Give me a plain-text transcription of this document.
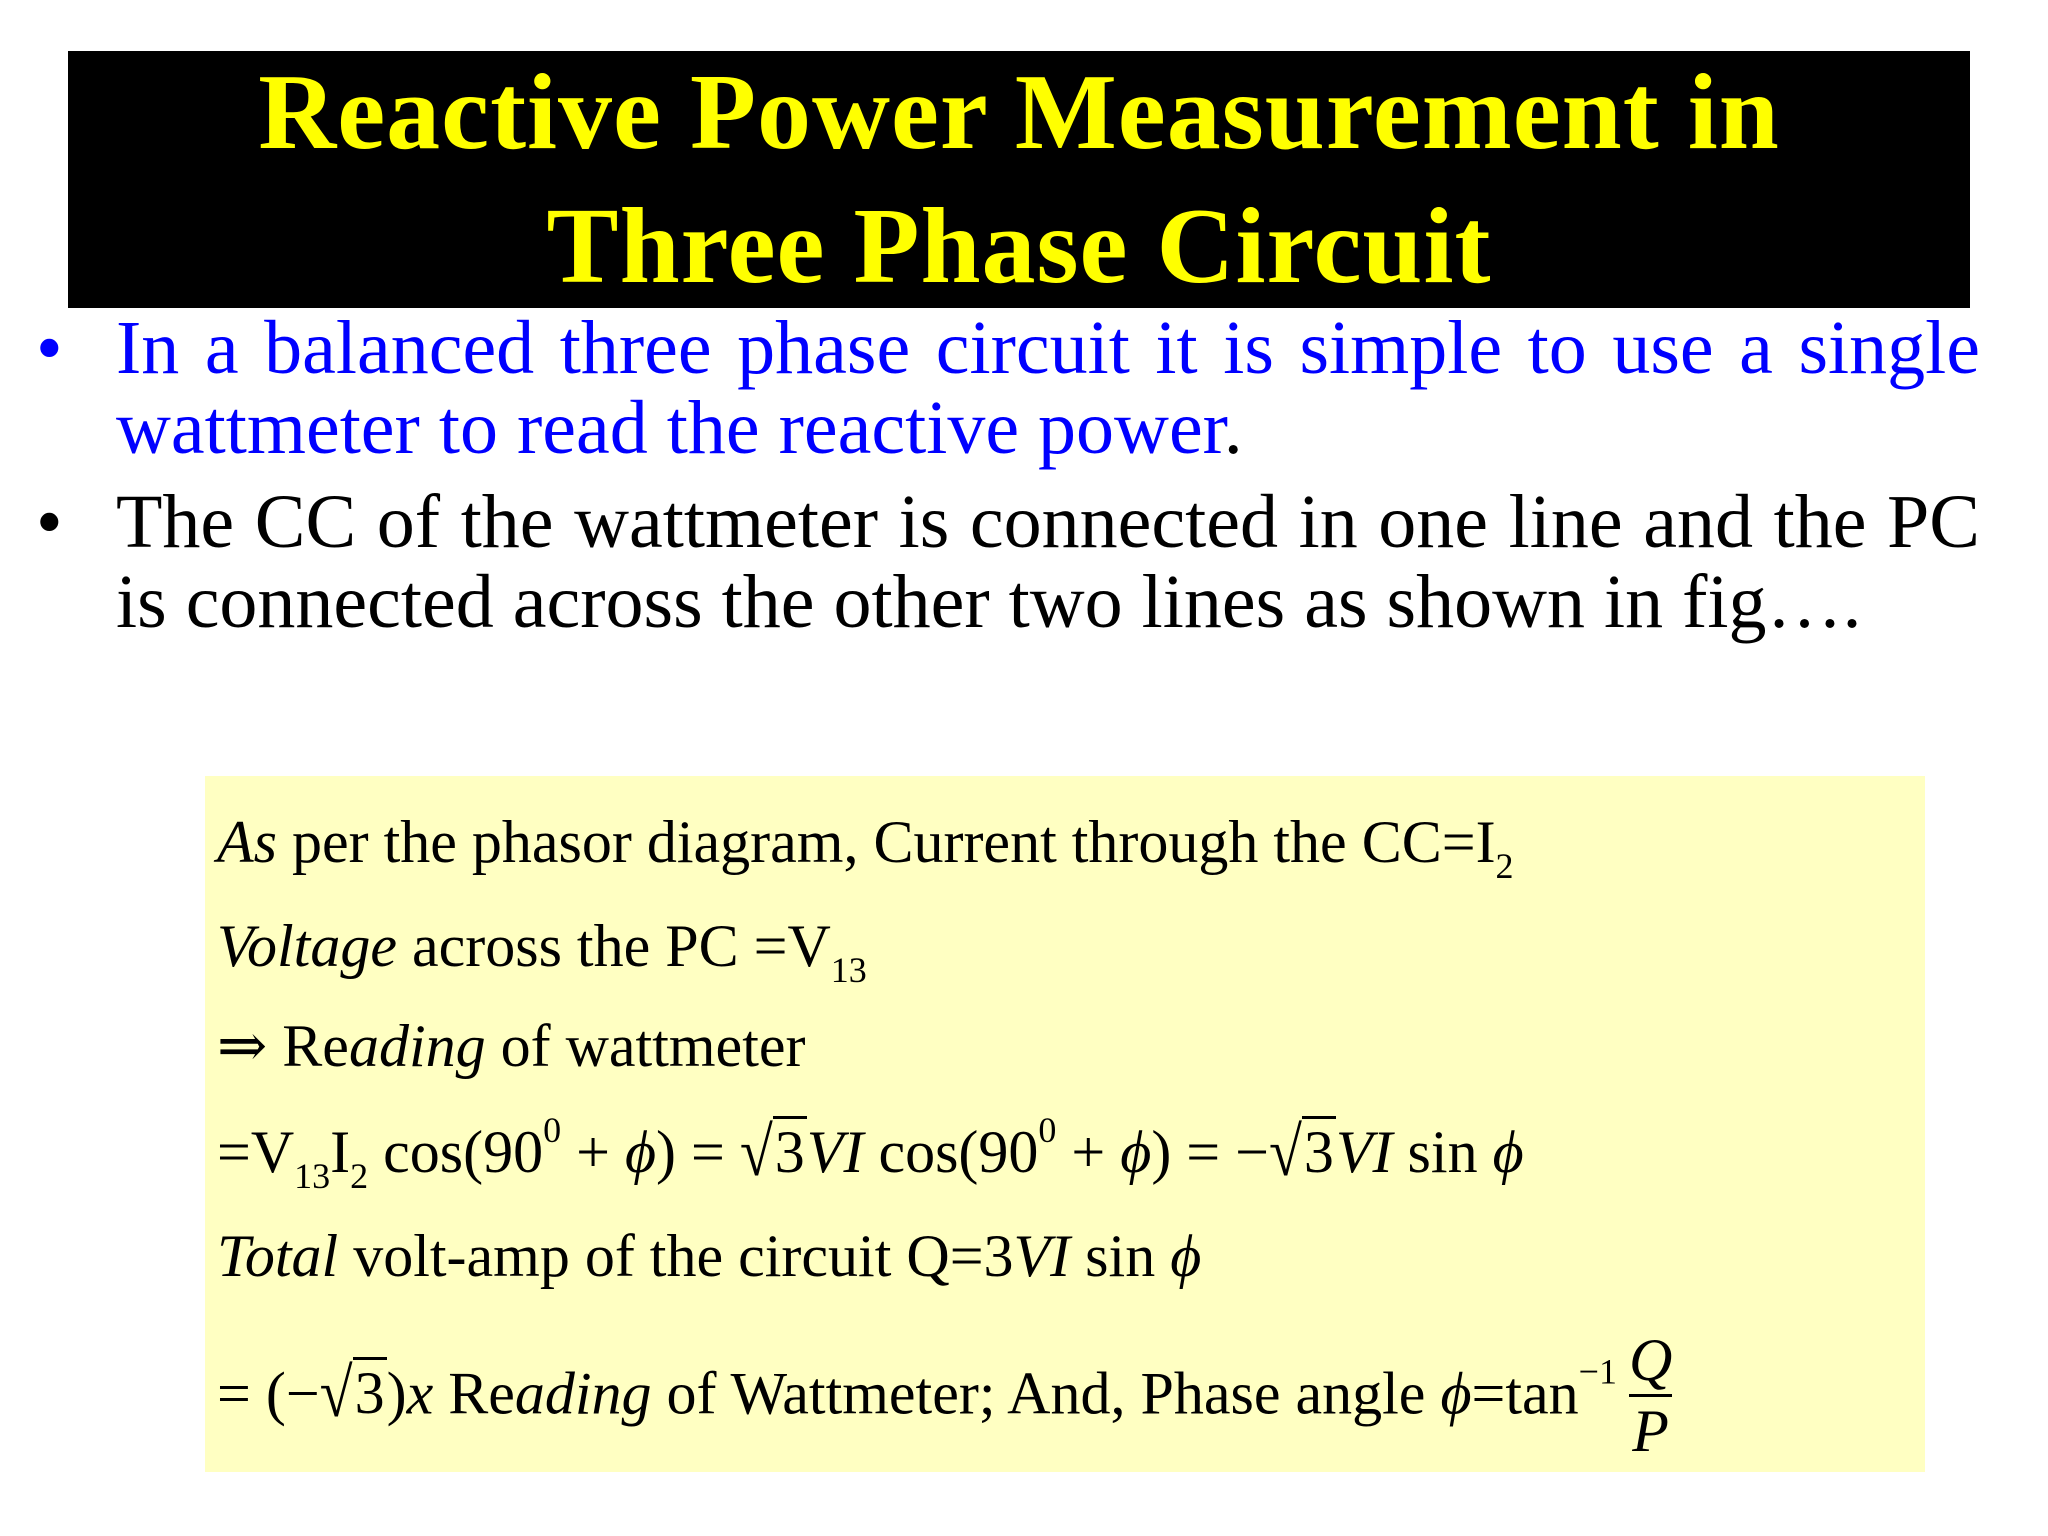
Reactive Power Measurement in
Three Phase Circuit
• In a balanced three phase circuit it is simple to use a single wattmeter to read the reactive power.
• The CC of the wattmeter is connected in one line and the PC is connected across the other two lines as shown in fig….
As per the phasor diagram, Current through the $CC=I_2$
Voltage across the PC $=V_{13}$
⇒ Reading of wattmeter
$=V_{13}I_2$ $\cos(90^0 + \phi) = √3VI$ $\cos(90^0 + \phi) = -√3VI$ sin ϕ
Total volt-amp of the circuit Q=3VI sin ϕ
= (−√3)x Reading of Wattmeter; And, Phase angle $\phi=\tan^{-1} \frac{Q}{P}$
